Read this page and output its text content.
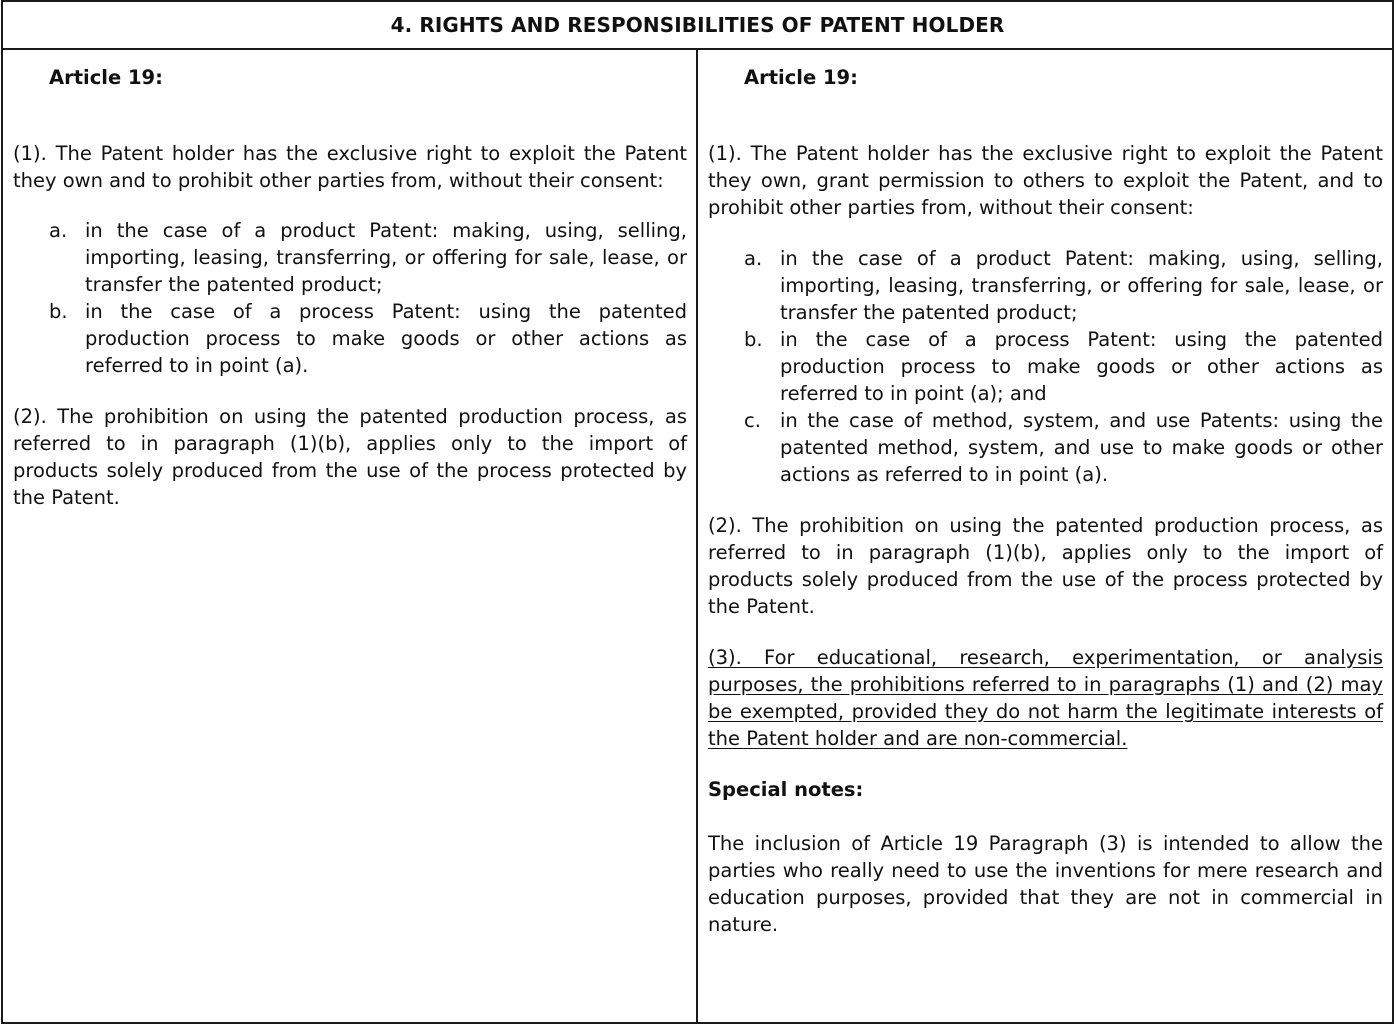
4. RIGHTS AND RESPONSIBILITIES OF PATENT HOLDER
Article 19:

(1). The Patent holder has the exclusive right to exploit the Patent they own and to prohibit other parties from, without their consent:

a. in the case of a product Patent: making, using, selling, importing, leasing, transferring, or offering for sale, lease, or transfer the patented product;
b. in the case of a process Patent: using the patented production process to make goods or other actions as referred to in point (a).

(2). The prohibition on using the patented production process, as referred to in paragraph (1)(b), applies only to the import of products solely produced from the use of the process protected by the Patent.

Article 19:

(1). The Patent holder has the exclusive right to exploit the Patent they own, grant permission to others to exploit the Patent, and to prohibit other parties from, without their consent:

a. in the case of a product Patent: making, using, selling, importing, leasing, transferring, or offering for sale, lease, or transfer the patented product;
b. in the case of a process Patent: using the patented production process to make goods or other actions as referred to in point (a); and
c. in the case of method, system, and use Patents: using the patented method, system, and use to make goods or other actions as referred to in point (a).

(2). The prohibition on using the patented production process, as referred to in paragraph (1)(b), applies only to the import of products solely produced from the use of the process protected by the Patent.

(3). For educational, research, experimentation, or analysis purposes, the prohibitions referred to in paragraphs (1) and (2) may be exempted, provided they do not harm the legitimate interests of the Patent holder and are non-commercial.

Special notes:

The inclusion of Article 19 Paragraph (3) is intended to allow the parties who really need to use the inventions for mere research and education purposes, provided that they are not in commercial in nature.
